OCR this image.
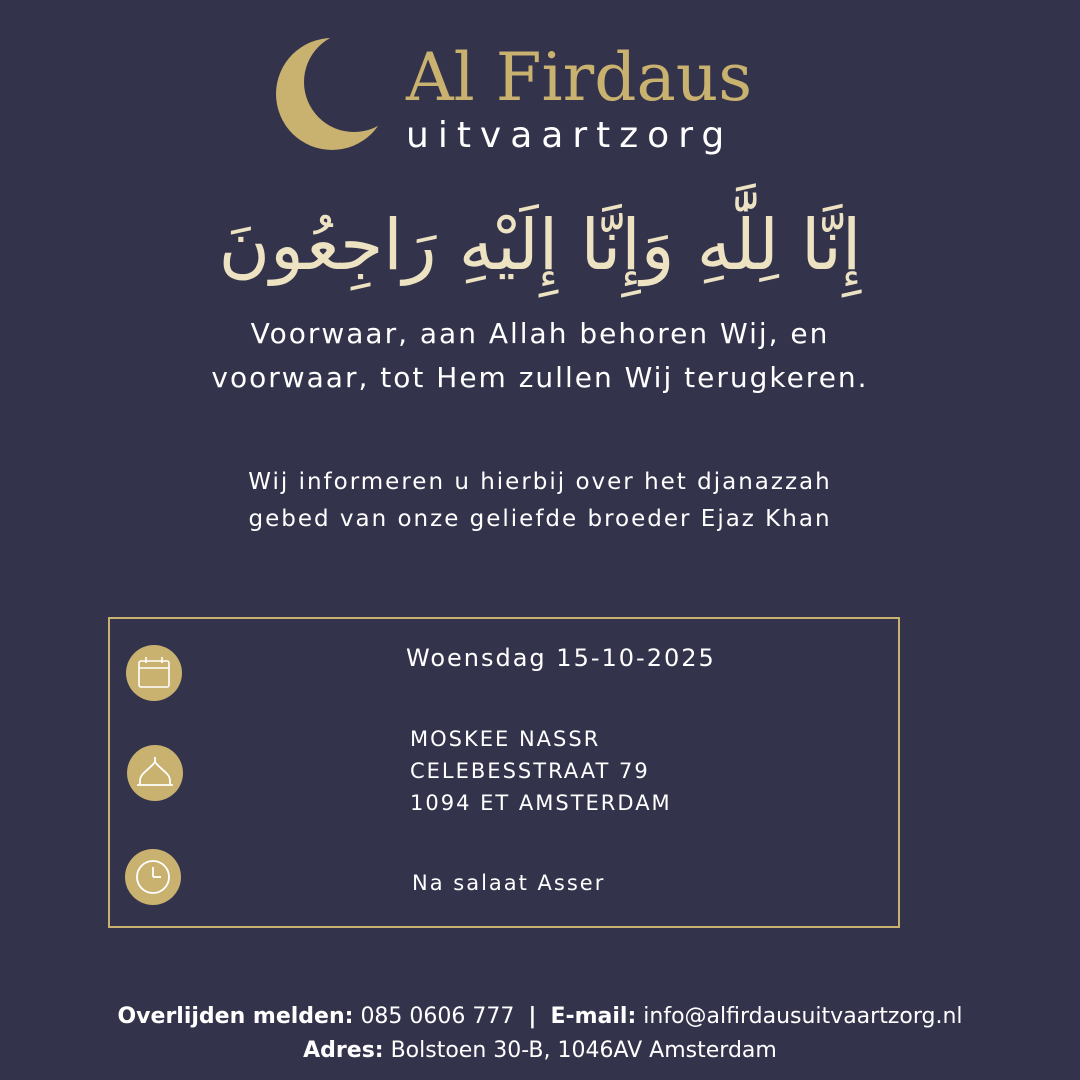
Al Firdaus
uitvaartzorg
إِنَّا لِلَّٰهِ وَإِنَّا إِلَيْهِ رَاجِعُونَ
Voorwaar, aan Allah behoren Wij, en
voorwaar, tot Hem zullen Wij terugkeren.
Wij informeren u hierbij over het djanazzah
gebed van onze geliefde broeder Ejaz Khan
Woensdag 15-10-2025
MOSKEE NASSR
CELEBESSTRAAT 79
1094 ET AMSTERDAM
Na salaat Asser
Overlijden melden: 085 0606 777 | E-mail: info@alfirdausuitvaartzorg.nl
Adres: Bolstoen 30-B, 1046AV Amsterdam
